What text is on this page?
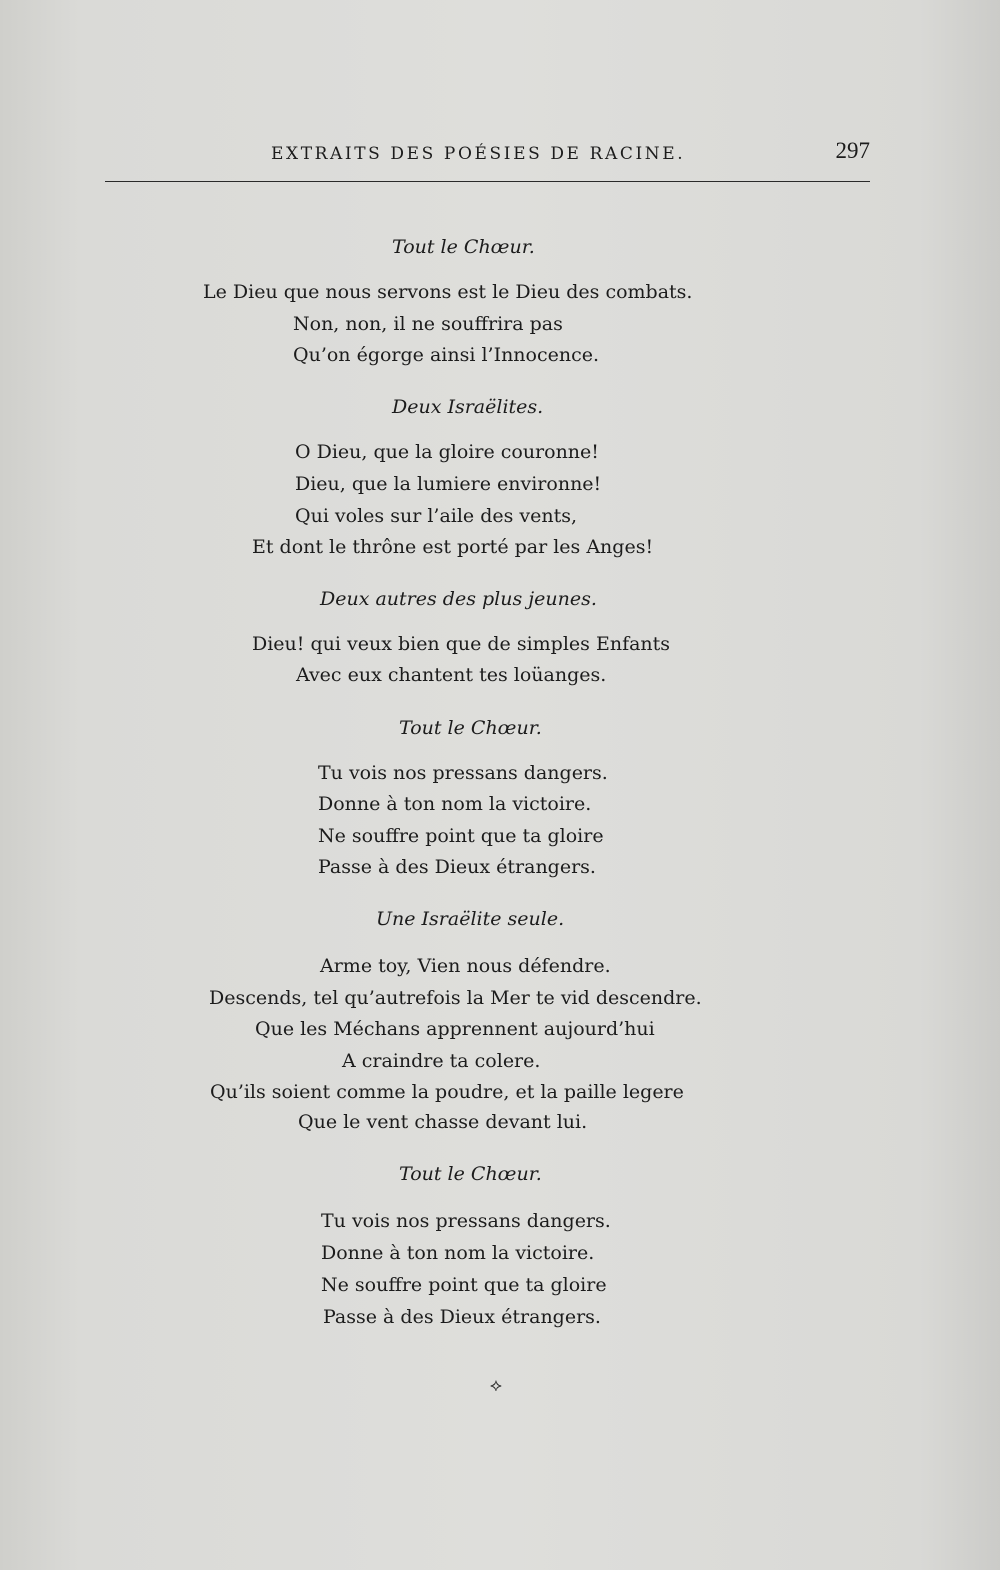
EXTRAITS DES POÉSIES DE RACINE.	297
Tout le Chœur.
Le Dieu que nous servons est le Dieu des combats.
Non, non, il ne souffrira pas
Qu’on égorge ainsi l’Innocence.
Deux Israëlites.
O Dieu, que la gloire couronne!
Dieu, que la lumiere environne!
Qui voles sur l’aile des vents,
Et dont le thrône est porté par les Anges!
Deux autres des plus jeunes.
Dieu! qui veux bien que de simples Enfants
Avec eux chantent tes loüanges.
Tout le Chœur.
Tu vois nos pressans dangers.
Donne à ton nom la victoire.
Ne souffre point que ta gloire
Passe à des Dieux étrangers.
Une Israëlite seule.
Arme toy, Vien nous défendre.
Descends, tel qu’autrefois la Mer te vid descendre.
Que les Méchans apprennent aujourd’hui
A craindre ta colere.
Qu’ils soient comme la poudre, et la paille legere
Que le vent chasse devant lui.
Tout le Chœur.
Tu vois nos pressans dangers.
Donne à ton nom la victoire.
Ne souffre point que ta gloire
Passe à des Dieux étrangers.
⟡
